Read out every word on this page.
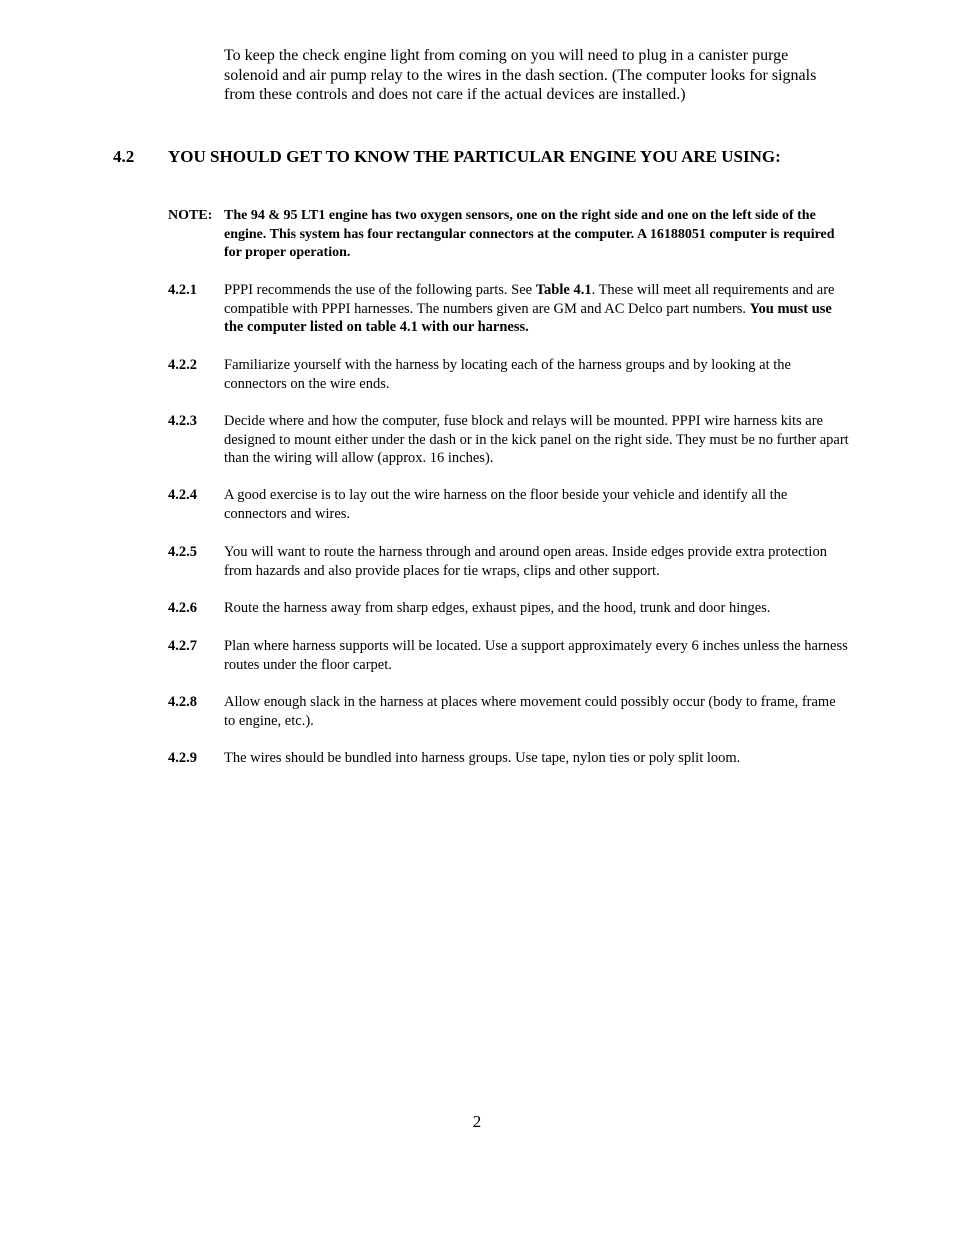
To keep the check engine light from coming on you will need to plug in a canister purge solenoid and air pump relay to the wires in the dash section. (The computer looks for signals from these controls and does not care if the actual devices are installed.)

4.2 YOU SHOULD GET TO KNOW THE PARTICULAR ENGINE YOU ARE USING:
NOTE: The 94 & 95 LT1 engine has two oxygen sensors, one on the right side and one on the left side of the engine. This system has four rectangular connectors at the computer. A 16188051 computer is required for proper operation.

4.2.1 PPPI recommends the use of the following parts. See Table 4.1. These will meet all requirements and are compatible with PPPI harnesses. The numbers given are GM and AC Delco part numbers. You must use the computer listed on table 4.1 with our harness.

4.2.2 Familiarize yourself with the harness by locating each of the harness groups and by looking at the connectors on the wire ends.

4.2.3 Decide where and how the computer, fuse block and relays will be mounted. PPPI wire harness kits are designed to mount either under the dash or in the kick panel on the right side. They must be no further apart than the wiring will allow (approx. 16 inches).

4.2.4 A good exercise is to lay out the wire harness on the floor beside your vehicle and identify all the connectors and wires.

4.2.5 You will want to route the harness through and around open areas. Inside edges provide extra protection from hazards and also provide places for tie wraps, clips and other support.

4.2.6 Route the harness away from sharp edges, exhaust pipes, and the hood, trunk and door hinges.

4.2.7 Plan where harness supports will be located. Use a support approximately every 6 inches unless the harness routes under the floor carpet.

4.2.8 Allow enough slack in the harness at places where movement could possibly occur (body to frame, frame to engine, etc.).

4.2.9 The wires should be bundled into harness groups. Use tape, nylon ties or poly split loom.

2
